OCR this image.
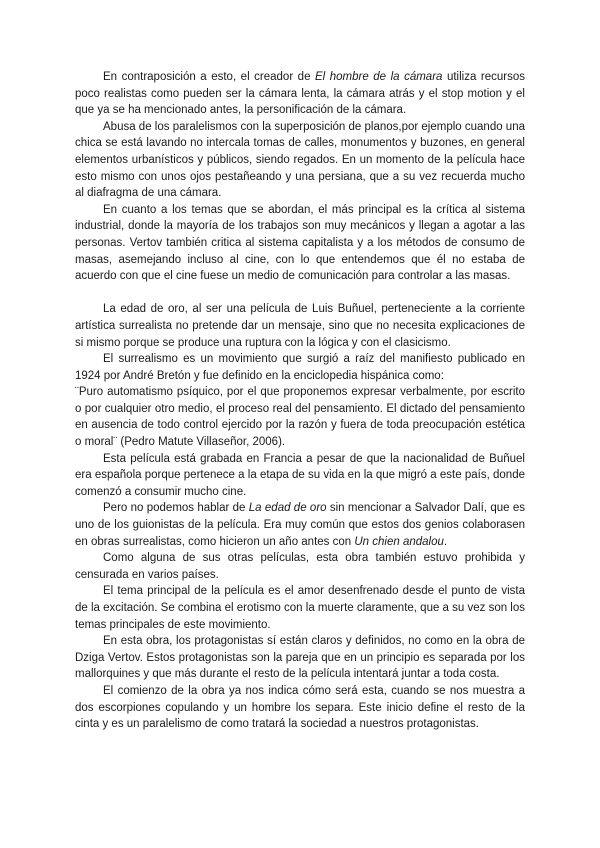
En contraposición a esto, el creador de El hombre de la cámara utiliza recursos poco realistas como pueden ser la cámara lenta, la cámara atrás y el stop motion y el que ya se ha mencionado antes, la personificación de la cámara.

Abusa de los paralelismos con la superposición de planos,por ejemplo cuando una chica se está lavando no intercala tomas de calles, monumentos y buzones, en general elementos urbanísticos y públicos, siendo regados. En un momento de la película hace esto mismo con unos ojos pestañeando y una persiana, que a su vez recuerda mucho al diafragma de una cámara.

En cuanto a los temas que se abordan, el más principal es la crítica al sistema industrial, donde la mayoría de los trabajos son muy mecánicos y llegan a agotar a las personas. Vertov también critica al sistema capitalista y a los métodos de consumo de masas, asemejando incluso al cine, con lo que entendemos que él no estaba de acuerdo con que el cine fuese un medio de comunicación para controlar a las masas.

La edad de oro, al ser una película de Luis Buñuel, perteneciente a la corriente artística surrealista no pretende dar un mensaje, sino que no necesita explicaciones de si mismo porque se produce una ruptura con la lógica y con el clasicismo.

El surrealismo es un movimiento que surgió a raíz del manifiesto publicado en 1924 por André Bretón y fue definido en la enciclopedia hispánica como:

¨Puro automatismo psíquico, por el que proponemos expresar verbalmente, por escrito o por cualquier otro medio, el proceso real del pensamiento. El dictado del pensamiento en ausencia de todo control ejercido por la razón y fuera de toda preocupación estética o moral¨ (Pedro Matute Villaseñor, 2006).

Esta película está grabada en Francia a pesar de que la nacionalidad de Buñuel era española porque pertenece a la etapa de su vida en la que migró a este país, donde comenzó a consumir mucho cine.

Pero no podemos hablar de La edad de oro sin mencionar a Salvador Dalí, que es uno de los guionistas de la película. Era muy común que estos dos genios colaborasen en obras surrealistas, como hicieron un año antes con Un chien andalou.

Como alguna de sus otras películas, esta obra también estuvo prohibida y censurada en varios países.

El tema principal de la película es el amor desenfrenado desde el punto de vista de la excitación. Se combina el erotismo con la muerte claramente, que a su vez son los temas principales de este movimiento.

En esta obra, los protagonistas sí están claros y definidos, no como en la obra de Dziga Vertov. Estos protagonistas son la pareja que en un principio es separada por los mallorquines y que más durante el resto de la película intentará juntar a toda costa.

El comienzo de la obra ya nos indica cómo será esta, cuando se nos muestra a dos escorpiones copulando y un hombre los separa. Este inicio define el resto de la cinta y es un paralelismo de como tratará la sociedad a nuestros protagonistas.
